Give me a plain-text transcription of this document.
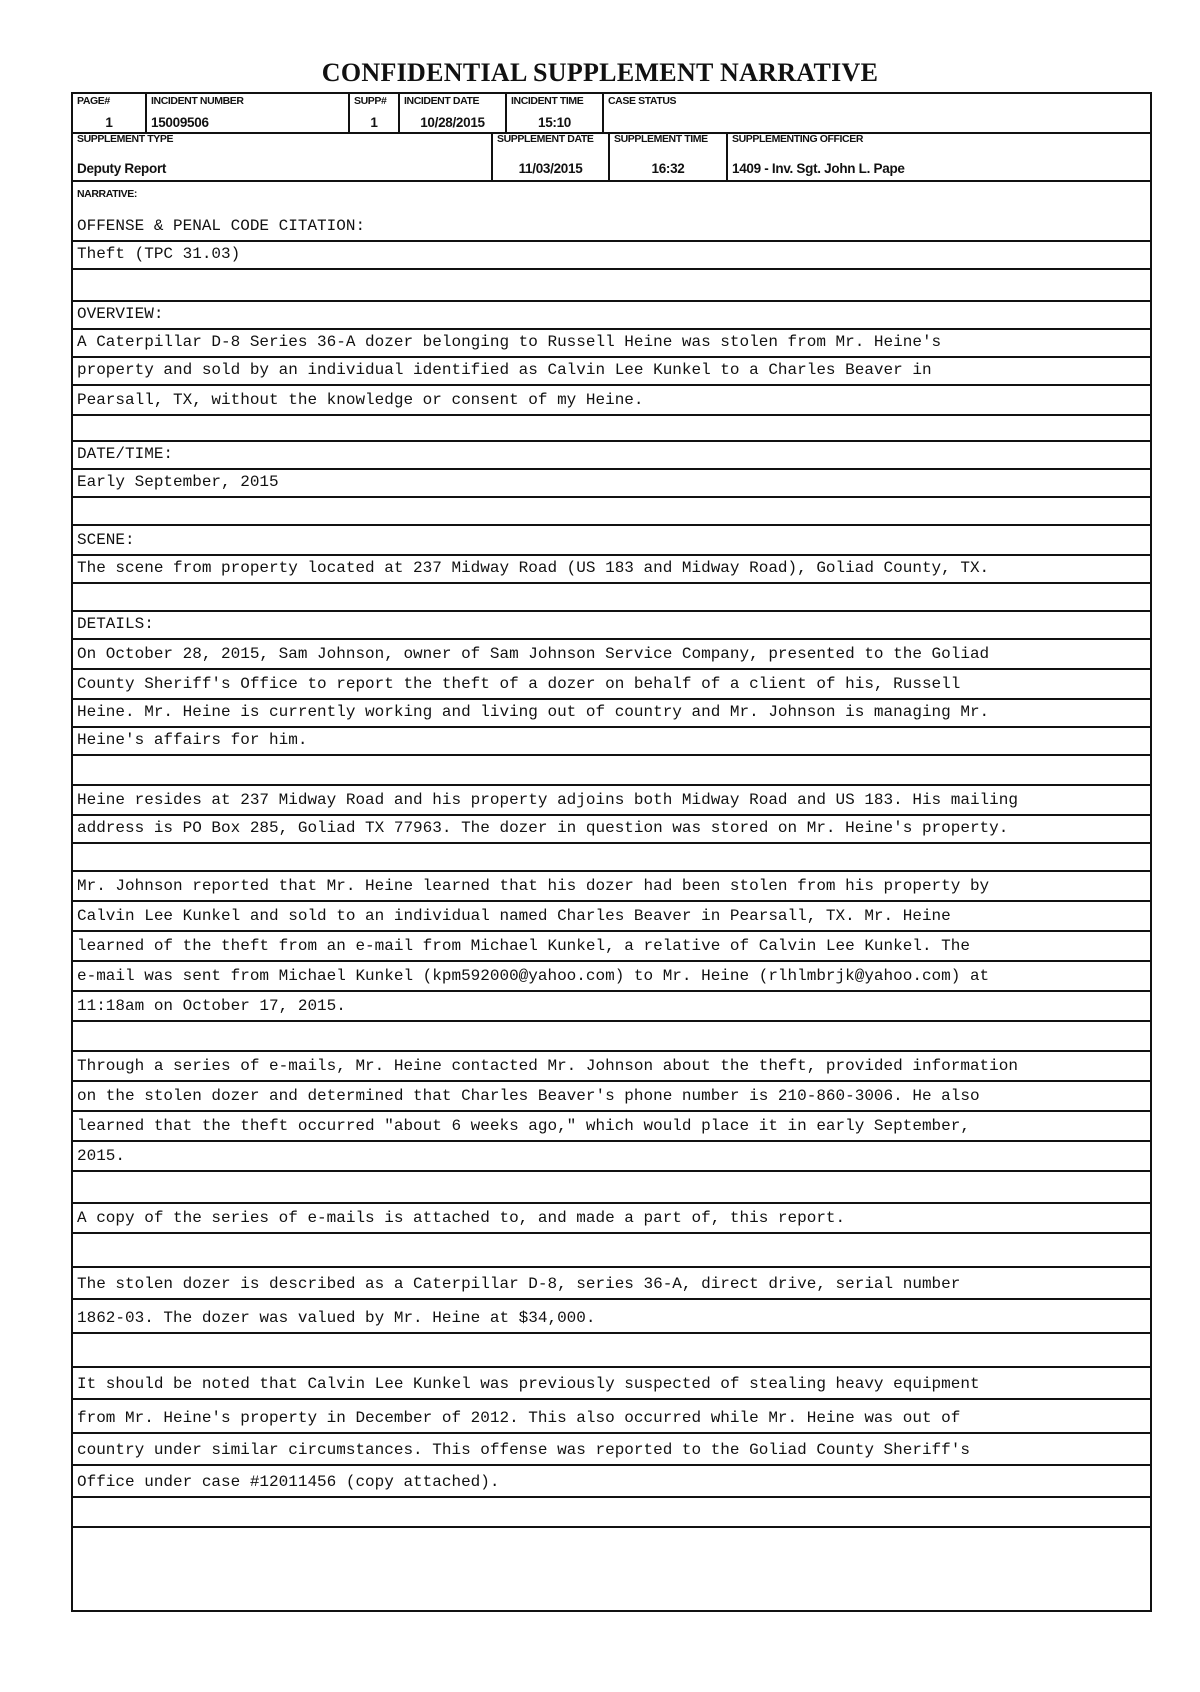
CONFIDENTIAL SUPPLEMENT NARRATIVE
PAGE#
1
INCIDENT NUMBER
15009506
SUPP#
1
INCIDENT DATE
10/28/2015
INCIDENT TIME
15:10
CASE STATUS
SUPPLEMENT TYPE
Deputy Report
SUPPLEMENT DATE
11/03/2015
SUPPLEMENT TIME
16:32
SUPPLEMENTING OFFICER
1409 - Inv. Sgt. John L. Pape
NARRATIVE:
OFFENSE & PENAL CODE CITATION:
Theft (TPC 31.03)
OVERVIEW:
A Caterpillar D-8 Series 36-A dozer belonging to Russell Heine was stolen from Mr. Heine's
property and sold by an individual identified as Calvin Lee Kunkel to a Charles Beaver in
Pearsall, TX, without the knowledge or consent of my Heine.
DATE/TIME:
Early September, 2015
SCENE:
The scene from property located at 237 Midway Road (US 183 and Midway Road), Goliad County, TX.
DETAILS:
On October 28, 2015, Sam Johnson, owner of Sam Johnson Service Company, presented to the Goliad
County Sheriff's Office to report the theft of a dozer on behalf of a client of his, Russell
Heine. Mr. Heine is currently working and living out of country and Mr. Johnson is managing Mr.
Heine's affairs for him.
Heine resides at 237 Midway Road and his property adjoins both Midway Road and US 183. His mailing
address is PO Box 285, Goliad TX 77963. The dozer in question was stored on Mr. Heine's property.
Mr. Johnson reported that Mr. Heine learned that his dozer had been stolen from his property by
Calvin Lee Kunkel and sold to an individual named Charles Beaver in Pearsall, TX. Mr. Heine
learned of the theft from an e-mail from Michael Kunkel, a relative of Calvin Lee Kunkel. The
e-mail was sent from Michael Kunkel (kpm592000@yahoo.com) to Mr. Heine (rlhlmbrjk@yahoo.com) at
11:18am on October 17, 2015.
Through a series of e-mails, Mr. Heine contacted Mr. Johnson about the theft, provided information
on the stolen dozer and determined that Charles Beaver's phone number is 210-860-3006. He also
learned that the theft occurred "about 6 weeks ago," which would place it in early September,
2015.
A copy of the series of e-mails is attached to, and made a part of, this report.
The stolen dozer is described as a Caterpillar D-8, series 36-A, direct drive, serial number
1862-03. The dozer was valued by Mr. Heine at $34,000.
It should be noted that Calvin Lee Kunkel was previously suspected of stealing heavy equipment
from Mr. Heine's property in December of 2012. This also occurred while Mr. Heine was out of
country under similar circumstances. This offense was reported to the Goliad County Sheriff's
Office under case #12011456 (copy attached).
